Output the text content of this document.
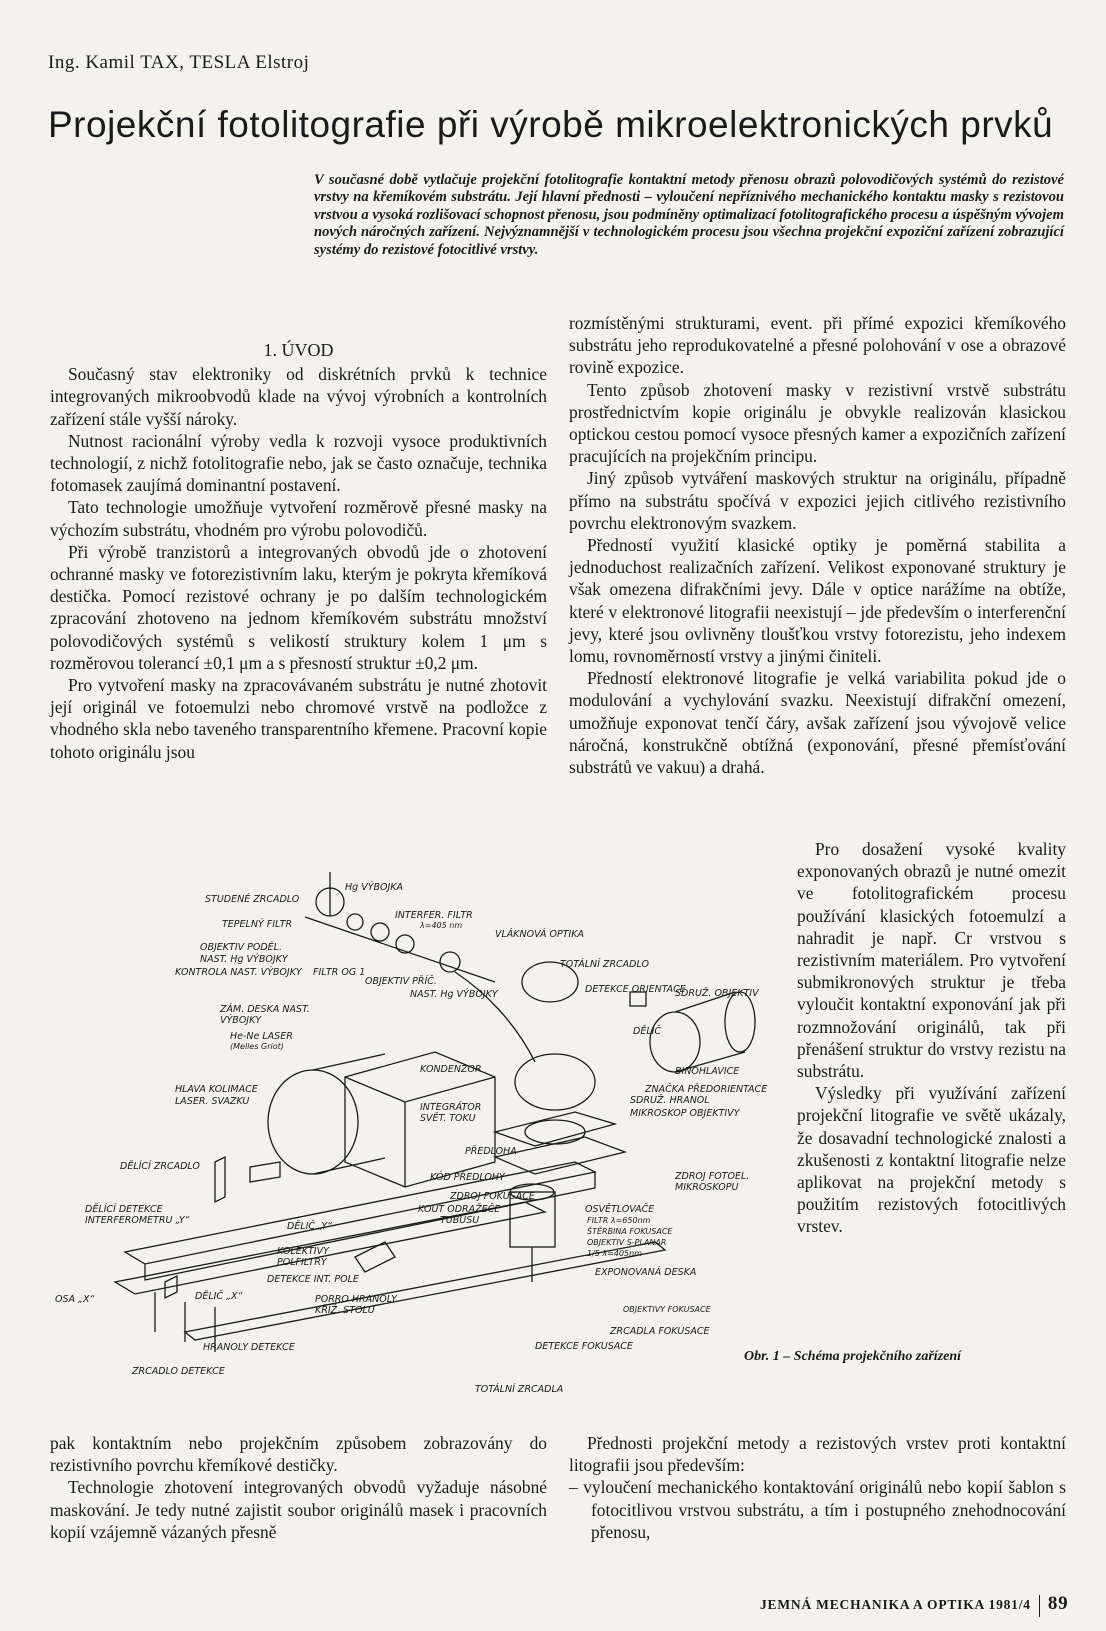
Ing. Kamil TAX, TESLA Elstroj
Projekční fotolitografie při výrobě mikroelektronických prvků
V současné době vytlačuje projekční fotolitografie kontaktní metody přenosu obrazů polovodičových systémů do rezistové vrstvy na křemíkovém substrátu. Její hlavní přednosti – vyloučení nepříznivého mechanického kontaktu masky s rezistovou vrstvou a vysoká rozlišovací schopnost přenosu, jsou podmíněny optimalizací fotolitografického procesu a úspěšným vývojem nových náročných zařízení. Nejvýznamnější v technologickém procesu jsou všechna projekční expoziční zařízení zobrazující systémy do rezistové fotocitlivé vrstvy.

1. ÚVOD

Současný stav elektroniky od diskrétních prvků k technice integrovaných mikroobvodů klade na vývoj výrobních a kontrolních zařízení stále vyšší nároky.

Nutnost racionální výroby vedla k rozvoji vysoce produktivních technologií, z nichž fotolitografie nebo, jak se často označuje, technika fotomasek zaujímá dominantní postavení.

Tato technologie umožňuje vytvoření rozměrově přesné masky na výchozím substrátu, vhodném pro výrobu polovodičů.

Při výrobě tranzistorů a integrovaných obvodů jde o zhotovení ochranné masky ve fotorezistivním laku, kterým je pokryta křemíková destička. Pomocí rezistové ochrany je po dalším technologickém zpracování zhotoveno na jednom křemíkovém substrátu množství polovodičových systémů s velikostí struktury kolem 1 μm s rozměrovou tolerancí ±0,1 μm a s přesností struktur ±0,2 μm.

Pro vytvoření masky na zpracovávaném substrátu je nutné zhotovit její originál ve fotoemulzi nebo chromové vrstvě na podložce z vhodného skla nebo taveného transparentního křemene. Pracovní kopie tohoto originálu jsou

rozmístěnými strukturami, event. při přímé expozici křemíkového substrátu jeho reprodukovatelné a přesné polohování v ose a obrazové rovině expozice.

Tento způsob zhotovení masky v rezistivní vrstvě substrátu prostřednictvím kopie originálu je obvykle realizován klasickou optickou cestou pomocí vysoce přesných kamer a expozičních zařízení pracujících na projekčním principu.

Jiný způsob vytváření maskových struktur na originálu, případně přímo na substrátu spočívá v expozici jejich citlivého rezistivního povrchu elektronovým svazkem.

Předností využití klasické optiky je poměrná stabilita a jednoduchost realizačních zařízení. Velikost exponované struktury je však omezena difrakčními jevy. Dále v optice narážíme na obtíže, které v elektronové litografii neexistují – jde především o interferenční jevy, které jsou ovlivněny tloušťkou vrstvy fotorezistu, jeho indexem lomu, rovnoměrností vrstvy a jinými činiteli.

Předností elektronové litografie je velká variabilita pokud jde o modulování a vychylování svazku. Neexistují difrakční omezení, umožňuje exponovat tenčí čáry, avšak zařízení jsou vývojově velice náročná, konstrukčně obtížná (exponování, přesné přemísťování substrátů ve vakuu) a drahá.

Pro dosažení vysoké kvality exponovaných obrazů je nutné omezit ve fotolitografickém procesu používání klasických fotoemulzí a nahradit je např. Cr vrstvou s rezistivním materiálem. Pro vytvoření submikronových struktur je třeba vyloučit kontaktní exponování jak při rozmnožování originálů, tak při přenášení struktur do vrstvy rezistu na substrátu.

Výsledky při využívání zařízení projekční litografie ve světě ukázaly, že dosavadní technologické znalosti a zkušenosti z kontaktní litografie nelze aplikovat na projekční metody s použitím rezistových fotocitlivých vrstev.

STUDENÉ ZRCADLO
Hg VÝBOJKA
TEPELNÝ FILTR
INTERFER. FILTR
λ=405 nm
OBJEKTIV PODÉL.
NAST. Hg VÝBOJKY
KONTROLA NAST. VÝBOJKY FILTR OG 1
VLÁKNOVÁ OPTIKA
TOTÁLNÍ ZRCADLO
OBJEKTIV PŘÍČ.
NAST. Hg VÝBOJKY	DETEKCE ORIENTACE
SDRUŽ. OBJEKTIV
ZÁM. DESKA NAST.
VÝBOJKY
He-Ne LASER
(Melles Griot)
DĚLIČ
KONDENZOR	BINOHLAVICE
HLAVA KOLIMACE
LASER. SVAZKU
ZNAČKA PŘEDORIENTACE
SDRUŽ. HRANOL
INTEGRÁTOR
SVĚT. TOKU	MIKROSKOP OBJEKTIVY
PŘEDLOHA
DĚLÍCÍ ZRCADLO
KÓD PŘEDLOHY	ZDROJ FOTOEL.
MIKROSKOPU
ZDROJ FOKUSACE
DĚLÍCÍ DETEKCE
INTERFEROMETRU „Y“
KOUT ODRAŽEČE
TUBUSU
OSVĚTLOVAČE
FILTR λ=650nm
ŠTĚRBINA FOKUSACE
OBJEKTIV S-PLANAR
1/5 λ=405nm
DĚLIČ „Y“
KOLEKTIVY
POLFILTRY
EXPONOVANÁ DESKA
DETEKCE INT. POLE
OSA „X“	DĚLIČ „X“	PORRO HRANOLY
KŘÍŽ. STOLU	OBJEKTIVY FOKUSACE
ZRCADLA FOKUSACE
HRANOLY DETEKCE	DETEKCE FOKUSACE
ZRCADLO DETEKCE
TOTÁLNÍ ZRCADLA
Obr. 1 – Schéma projekčního zařízení

pak kontaktním nebo projekčním způsobem zobrazovány do rezistivního povrchu křemíkové destičky.

Technologie zhotovení integrovaných obvodů vyžaduje násobné maskování. Je tedy nutné zajistit soubor originálů masek i pracovních kopií vzájemně vázaných přesně

Přednosti projekční metody a rezistových vrstev proti kontaktní litografii jsou především:

– vyloučení mechanického kontaktování originálů nebo kopií šablon s fotocitlivou vrstvou substrátu, a tím i postupného znehodnocování přenosu,

JEMNÁ MECHANIKA A OPTIKA 1981/4 89
